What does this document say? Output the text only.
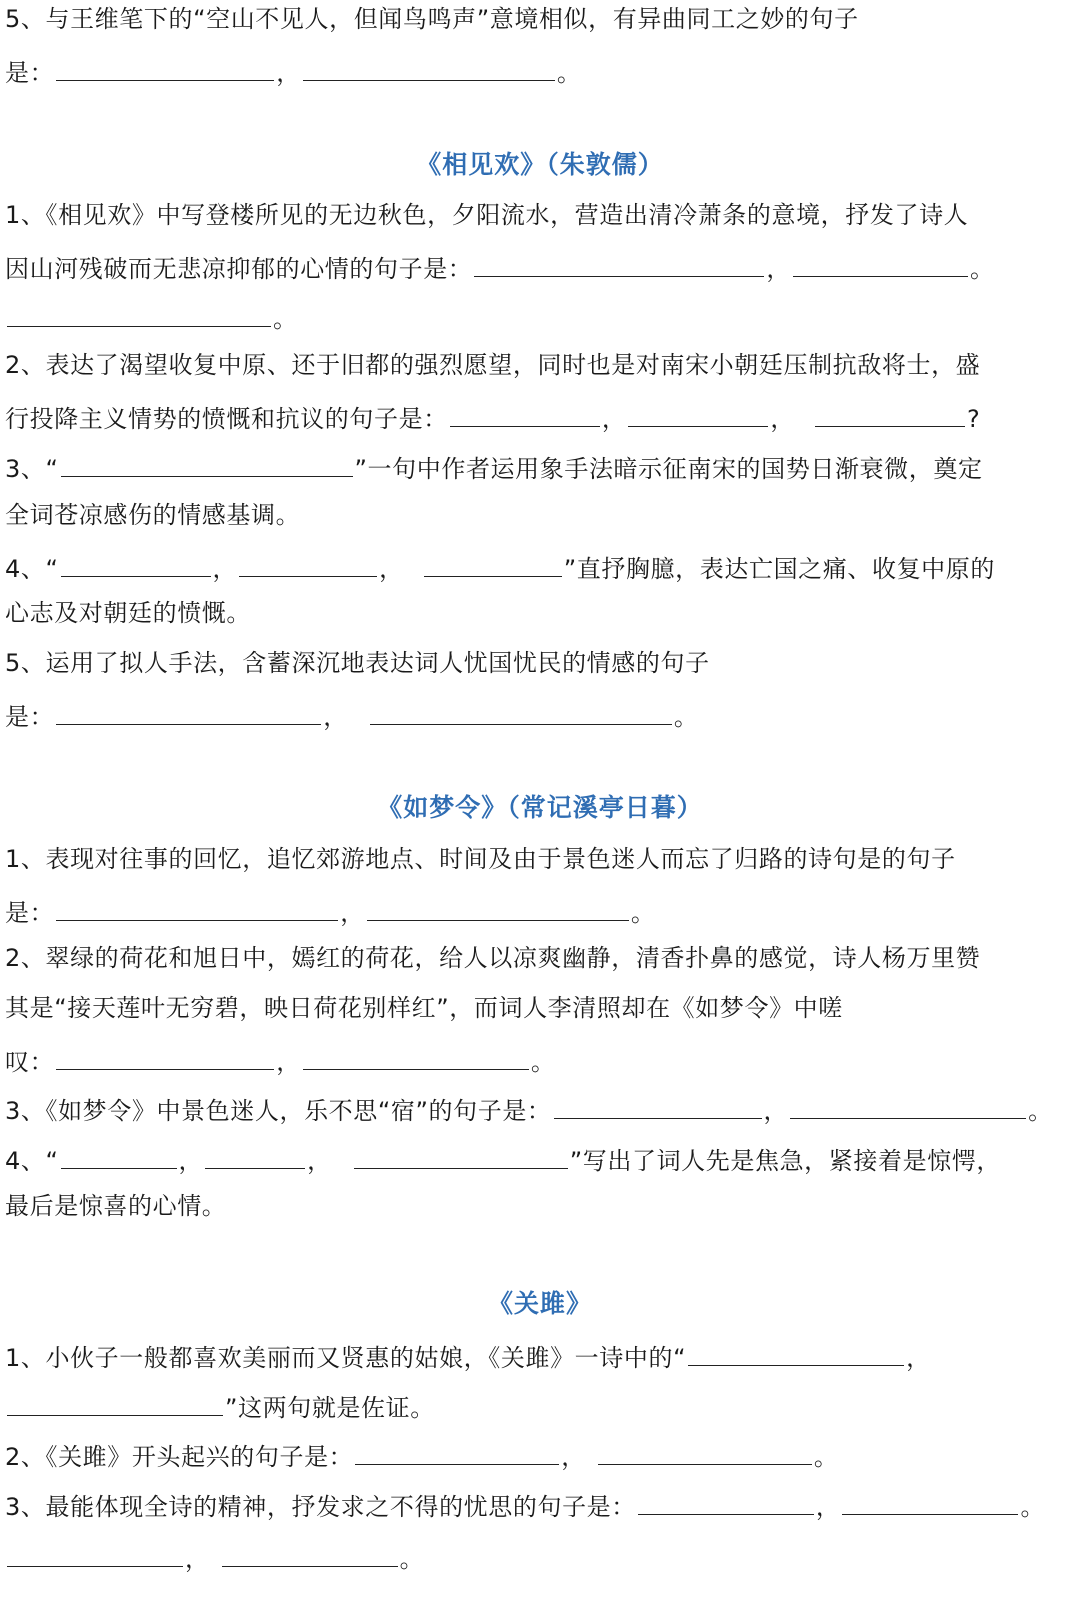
5、与王维笔下的“空山不见人，但闻鸟鸣声”意境相似，有异曲同工之妙的句子
是：	，	。
《相见欢》（朱敦儒）
1、《相见欢》中写登楼所见的无边秋色，夕阳流水，营造出清冷萧条的意境，抒发了诗人
因山河残破而无悲凉抑郁的心情的句子是：	，	。
。
2、表达了渴望收复中原、还于旧都的强烈愿望，同时也是对南宋小朝廷压制抗敌将士，盛
行投降主义情势的愤慨和抗议的句子是：	，	，	?
3、“	”一句中作者运用象手法暗示征南宋的国势日渐衰微，奠定
全词苍凉感伤的情感基调。
4、“	，	，	”直抒胸臆，表达亡国之痛、收复中原的
心志及对朝廷的愤慨。
5、运用了拟人手法，含蓄深沉地表达词人忧国忧民的情感的句子
是：	，	。
《如梦令》（常记溪亭日暮）
1、表现对往事的回忆，追忆郊游地点、时间及由于景色迷人而忘了归路的诗句是的句子
是：	，	。
2、翠绿的荷花和旭日中，嫣红的荷花，给人以凉爽幽静，清香扑鼻的感觉，诗人杨万里赞
其是“接天莲叶无穷碧，映日荷花别样红”，而词人李清照却在《如梦令》中嗟
叹：	，	。
3、《如梦令》中景色迷人，乐不思“宿”的句子是：	，	。
4、“	，	，	”写出了词人先是焦急，紧接着是惊愕，
最后是惊喜的心情。
《关雎》
1、小伙子一般都喜欢美丽而又贤惠的姑娘，《关雎》一诗中的“	，
”这两句就是佐证。
2、《关雎》开头起兴的句子是：	，	。
3、最能体现全诗的精神，抒发求之不得的忧思的句子是：	，	。
，	。
